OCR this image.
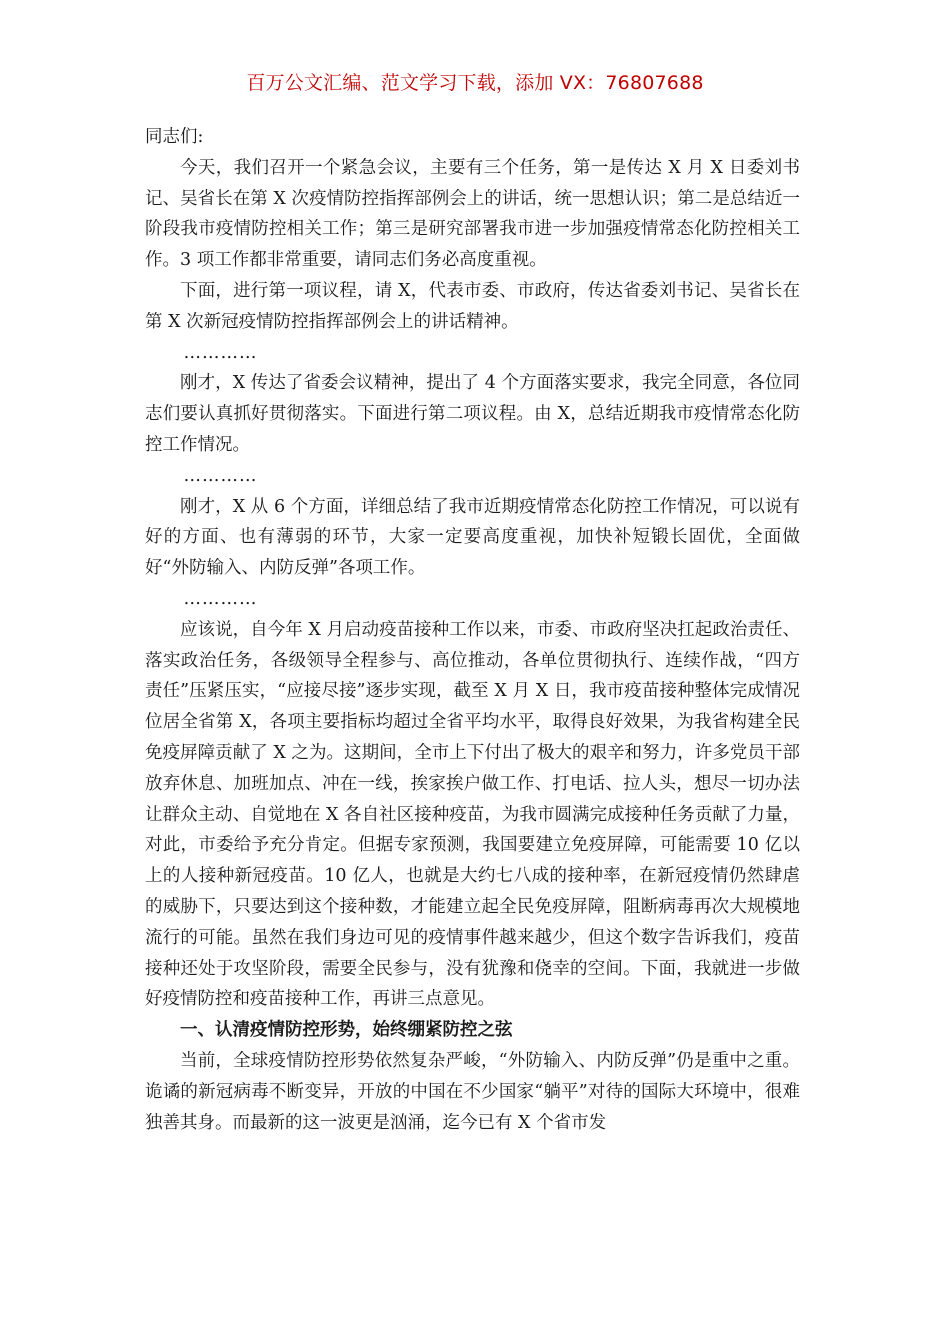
百万公文汇编、范文学习下载，添加 VX：76807688

同志们:

今天，我们召开一个紧急会议，主要有三个任务，第一是传达 X 月 X 日委刘书记、吴省长在第 X 次疫情防控指挥部例会上的讲话，统一思想认识；第二是总结近一阶段我市疫情防控相关工作；第三是研究部署我市进一步加强疫情常态化防控相关工作。3 项工作都非常重要，请同志们务必高度重视。

下面，进行第一项议程，请 X，代表市委、市政府，传达省委刘书记、吴省长在第 X 次新冠疫情防控指挥部例会上的讲话精神。

…………

刚才，X 传达了省委会议精神，提出了 4 个方面落实要求，我完全同意，各位同志们要认真抓好贯彻落实。下面进行第二项议程。由 X，总结近期我市疫情常态化防控工作情况。

…………

刚才，X 从 6 个方面，详细总结了我市近期疫情常态化防控工作情况，可以说有好的方面、也有薄弱的环节，大家一定要高度重视，加快补短锻长固优，全面做好“外防输入、内防反弹”各项工作。

…………

应该说，自今年 X 月启动疫苗接种工作以来，市委、市政府坚决扛起政治责任、落实政治任务，各级领导全程参与、高位推动，各单位贯彻执行、连续作战，“四方责任”压紧压实，“应接尽接”逐步实现，截至 X 月 X 日，我市疫苗接种整体完成情况位居全省第 X，各项主要指标均超过全省平均水平，取得良好效果，为我省构建全民免疫屏障贡献了 X 之为。这期间，全市上下付出了极大的艰辛和努力，许多党员干部放弃休息、加班加点、冲在一线，挨家挨户做工作、打电话、拉人头，想尽一切办法让群众主动、自觉地在 X 各自社区接种疫苗，为我市圆满完成接种任务贡献了力量，对此，市委给予充分肯定。但据专家预测，我国要建立免疫屏障，可能需要 10 亿以上的人接种新冠疫苗。10 亿人，也就是大约七八成的接种率，在新冠疫情仍然肆虐的威胁下，只要达到这个接种数，才能建立起全民免疫屏障，阻断病毒再次大规模地流行的可能。虽然在我们身边可见的疫情事件越来越少，但这个数字告诉我们，疫苗接种还处于攻坚阶段，需要全民参与，没有犹豫和侥幸的空间。下面，我就进一步做好疫情防控和疫苗接种工作，再讲三点意见。

一、认清疫情防控形势，始终绷紧防控之弦

当前，全球疫情防控形势依然复杂严峻，“外防输入、内防反弹”仍是重中之重。诡谲的新冠病毒不断变异，开放的中国在不少国家“躺平”对待的国际大环境中，很难独善其身。而最新的这一波更是汹涌，迄今已有 X 个省市发
